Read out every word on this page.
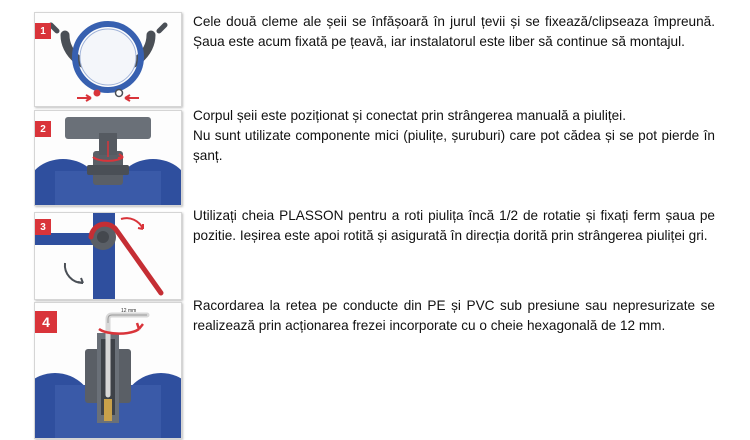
1

Cele două cleme ale șeii se înfășoară în jurul țevii și se fixează/clipseaza împreună. Șaua este acum fixată pe țeavă, iar instalatorul este liber să continue să montajul.

2

Corpul șeii este poziționat și conectat prin strângerea manuală a piuliței.

Nu sunt utilizate componente mici (piulițe, șuruburi) care pot cădea și se pot pierde în șanț.

3

Utilizați cheia PLASSON pentru a roti piulița încă 1/2 de rotatie și fixați ferm șaua pe pozitie. Ieșirea este apoi rotită și asigurată în direcția dorită prin strângerea piuliței gri.

12 mm
4

Racordarea la retea pe conducte din PE și PVC sub presiune sau nepresurizate se realizează prin acționarea frezei incorporate cu o cheie hexagonală de 12 mm.
